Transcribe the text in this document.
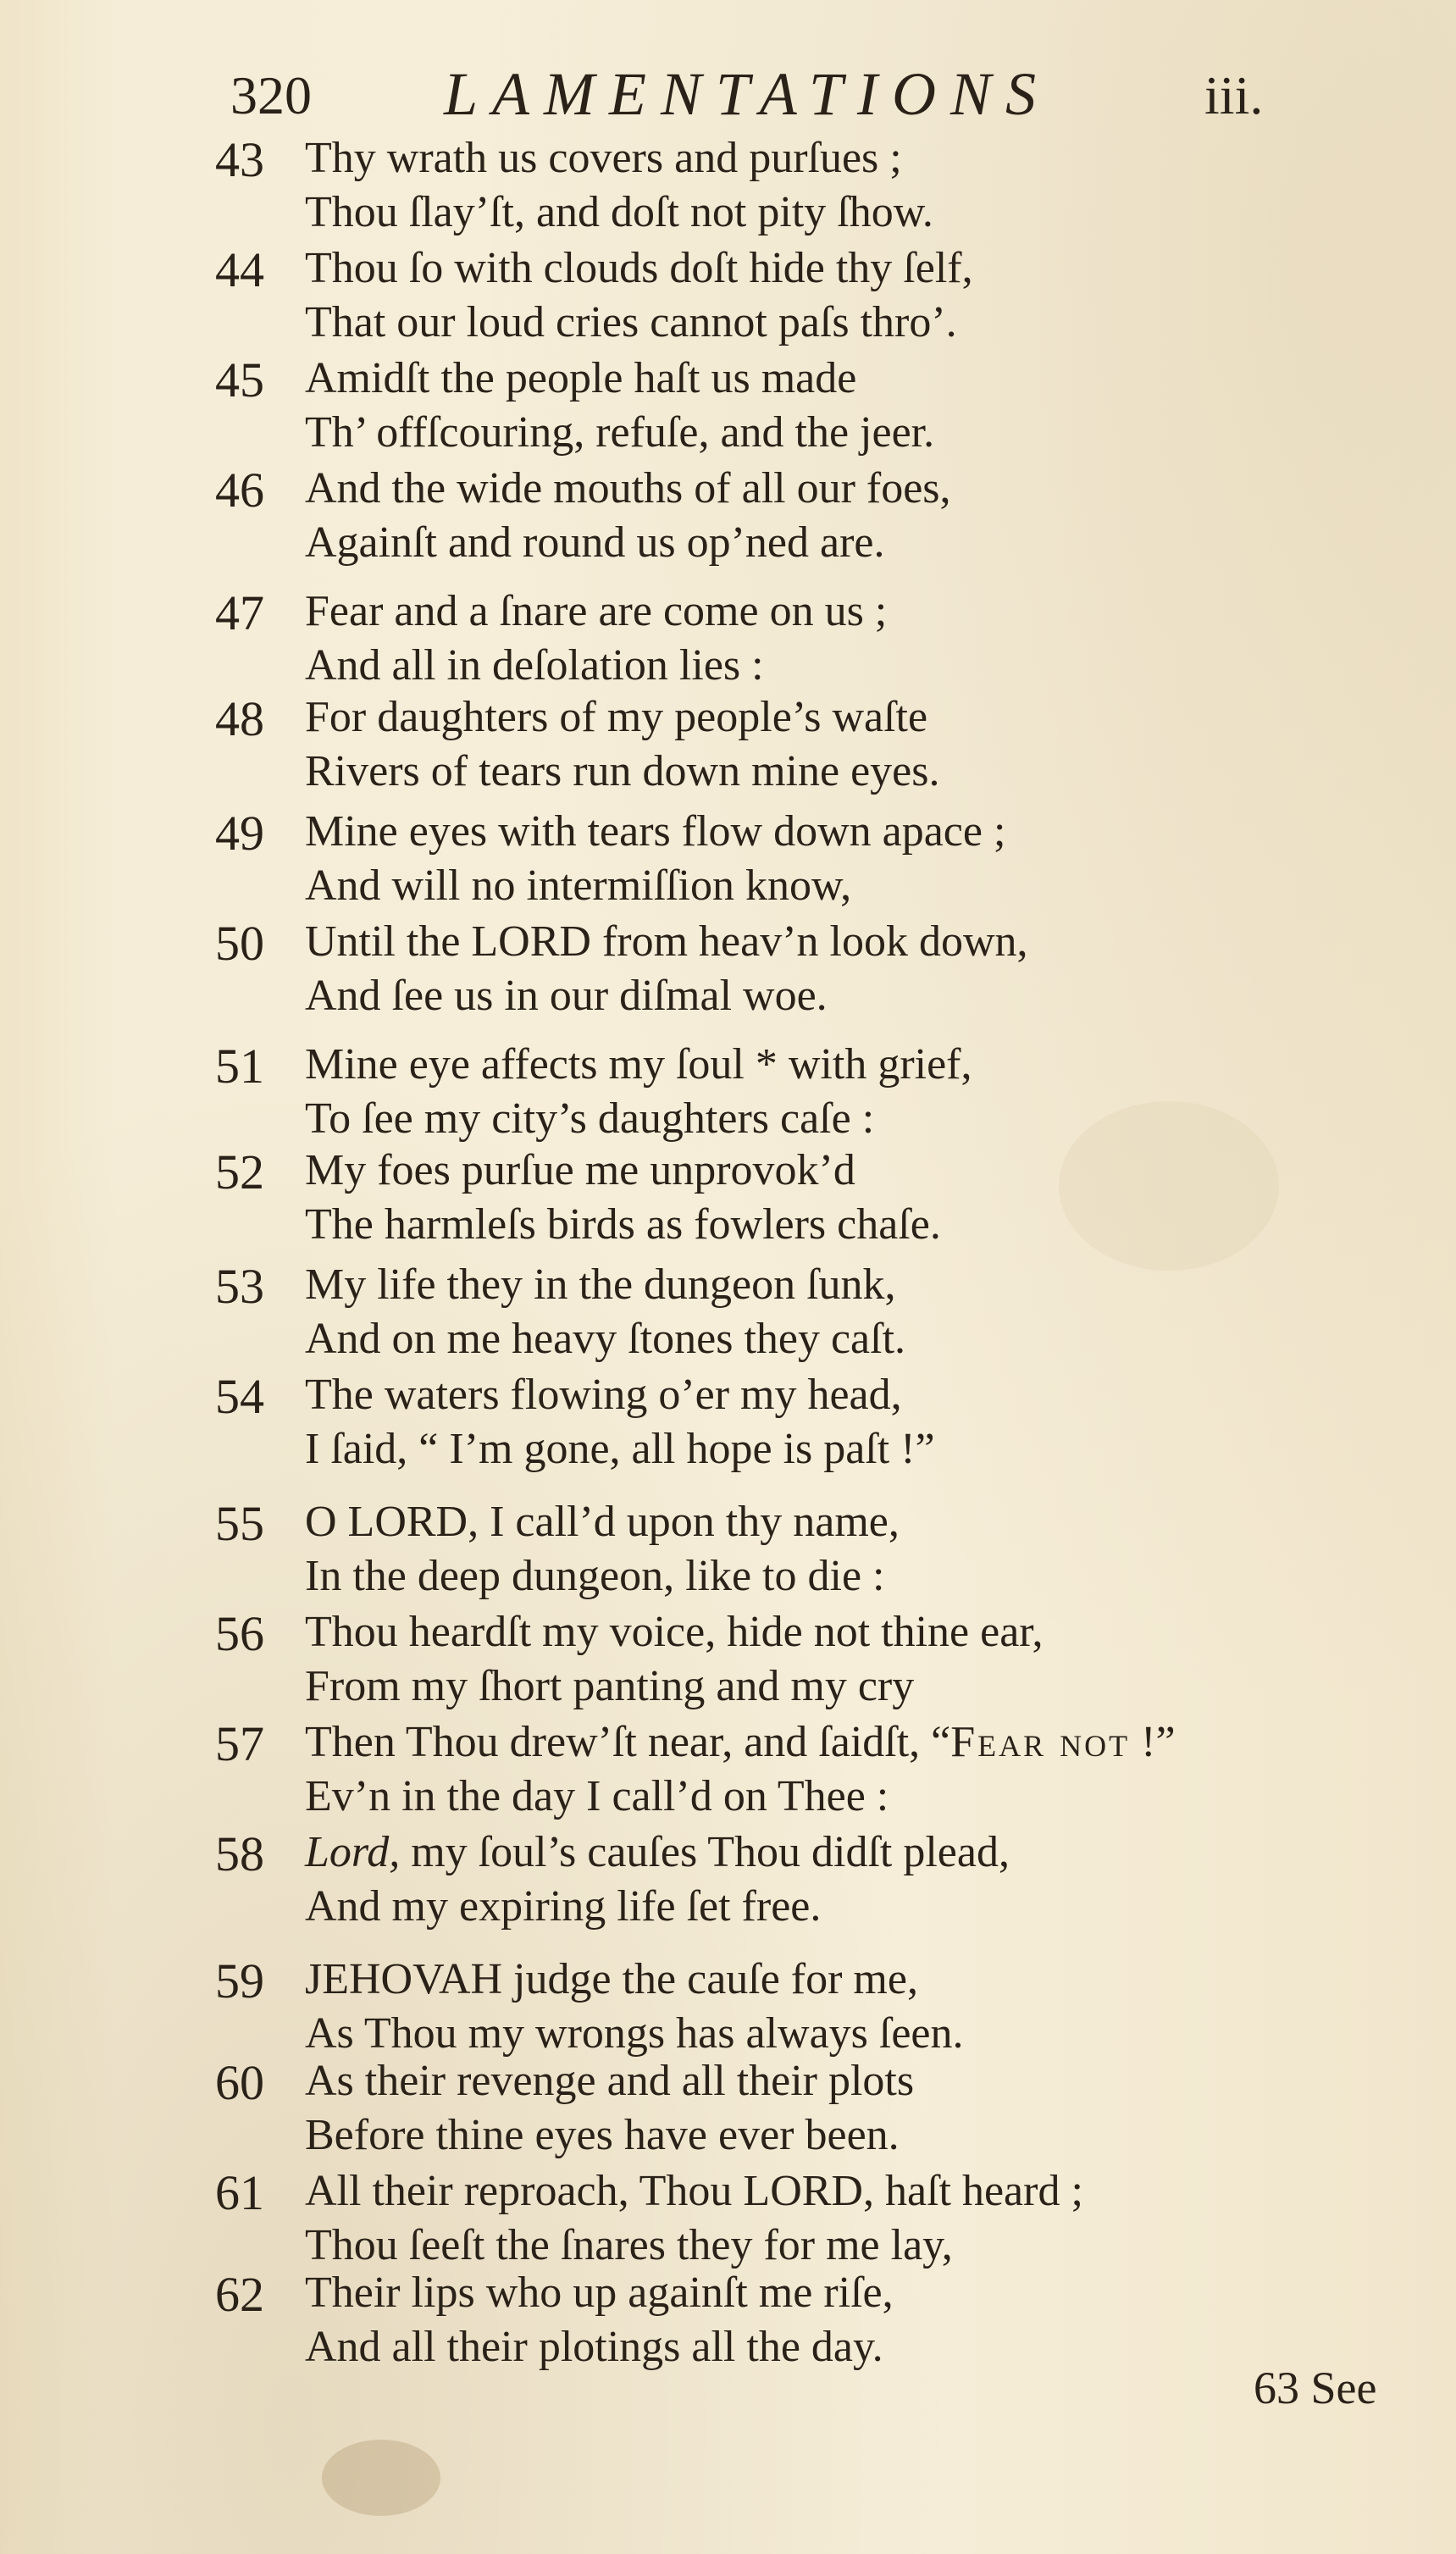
320 LAMENTATIONS	iii.
43 Thy wrath us covers and purſues ;
Thou ſlay’ſt, and doſt not pity ſhow.
44 Thou ſo with clouds doſt hide thy ſelf,
That our loud cries cannot paſs thro’.
45 Amidſt the people haſt us made
Th’ offſcouring, refuſe, and the jeer.
46 And the wide mouths of all our foes,
Againſt and round us op’ned are.
47 Fear and a ſnare are come on us ;
And all in deſolation lies :
48 For daughters of my people’s waſte
Rivers of tears run down mine eyes.
49 Mine eyes with tears flow down apace ;
And will no intermiſſion know,
50 Until the LORD from heav’n look down,
And ſee us in our diſmal woe.
51 Mine eye affects my ſoul * with grief,
To ſee my city’s daughters caſe :
52 My foes purſue me unprovok’d
The harmleſs birds as fowlers chaſe.
53 My life they in the dungeon ſunk,
And on me heavy ſtones they caſt.
54 The waters flowing o’er my head,
I ſaid, “ I’m gone, all hope is paſt !”
55 O LORD, I call’d upon thy name,
In the deep dungeon, like to die :
56 Thou heardſt my voice, hide not thine ear,
From my ſhort panting and my cry
57 Then Thou drew’ſt near, and ſaidſt, “Fear not !”
Ev’n in the day I call’d on Thee :
58 Lord, my ſoul’s cauſes Thou didſt plead,
And my expiring life ſet free.
59 JEHOVAH judge the cauſe for me,
As Thou my wrongs has always ſeen.
60 As their revenge and all their plots
Before thine eyes have ever been.
61 All their reproach, Thou LORD, haſt heard ;
Thou ſeeſt the ſnares they for me lay,
62 Their lips who up againſt me riſe,
And all their plotings all the day.
63 See
